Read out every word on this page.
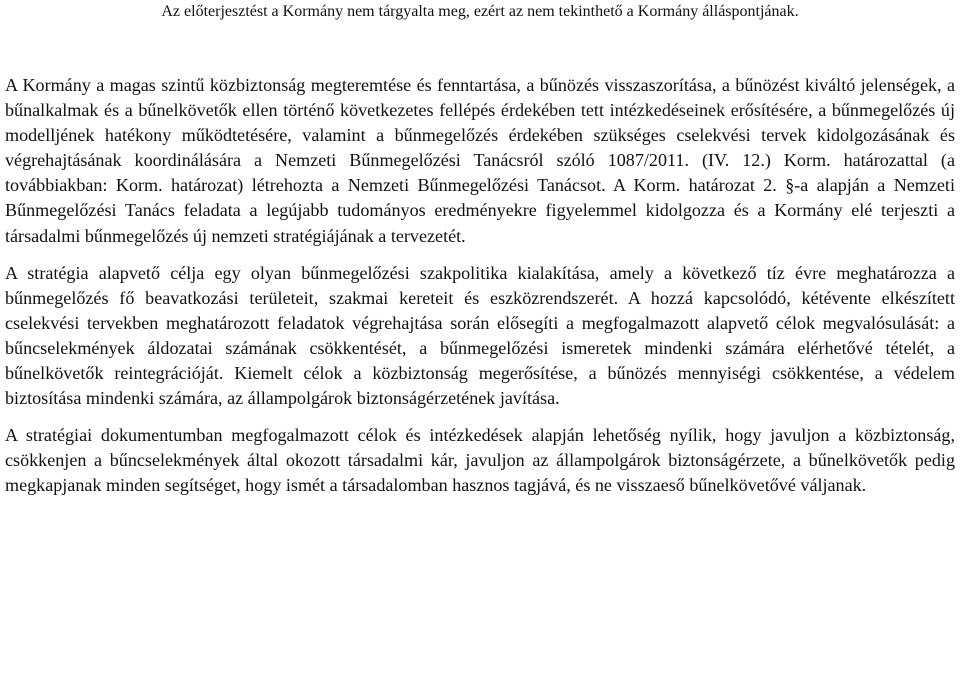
Az előterjesztést a Kormány nem tárgyalta meg, ezért az nem tekinthető a Kormány álláspontjának.

A Kormány a magas szintű közbiztonság megteremtése és fenntartása, a bűnözés visszaszorítása, a bűnözést kiváltó jelenségek, a bűnalkalmak és a bűnelkövetők ellen történő következetes fellépés érdekében tett intézkedéseinek erősítésére, a bűnmegelőzés új modelljének hatékony működtetésére, valamint a bűnmegelőzés érdekében szükséges cselekvési tervek kidolgozásának és végrehajtásának koordinálására a Nemzeti Bűnmegelőzési Tanácsról szóló 1087/2011. (IV. 12.) Korm. határozattal (a továbbiakban: Korm. határozat) létrehozta a Nemzeti Bűnmegelőzési Tanácsot. A Korm. határozat 2. §-a alapján a Nemzeti Bűnmegelőzési Tanács feladata a legújabb tudományos eredményekre figyelemmel kidolgozza és a Kormány elé terjeszti a társadalmi bűnmegelőzés új nemzeti stratégiájának a tervezetét.

A stratégia alapvető célja egy olyan bűnmegelőzési szakpolitika kialakítása, amely a következő tíz évre meghatározza a bűnmegelőzés fő beavatkozási területeit, szakmai kereteit és eszközrendszerét. A hozzá kapcsolódó, kétévente elkészített cselekvési tervekben meghatározott feladatok végrehajtása során elősegíti a megfogalmazott alapvető célok megvalósulását: a bűncselekmények áldozatai számának csökkentését, a bűnmegelőzési ismeretek mindenki számára elérhetővé tételét, a bűnelkövetők reintegrációját. Kiemelt célok a közbiztonság megerősítése, a bűnözés mennyiségi csökkentése, a védelem biztosítása mindenki számára, az állampolgárok biztonságérzetének javítása.

A stratégiai dokumentumban megfogalmazott célok és intézkedések alapján lehetőség nyílik, hogy javuljon a közbiztonság, csökkenjen a bűncselekmények által okozott társadalmi kár, javuljon az állampolgárok biztonságérzete, a bűnelkövetők pedig megkapjanak minden segítséget, hogy ismét a társadalomban hasznos tagjává, és ne visszaeső bűnelkövetővé váljanak.
